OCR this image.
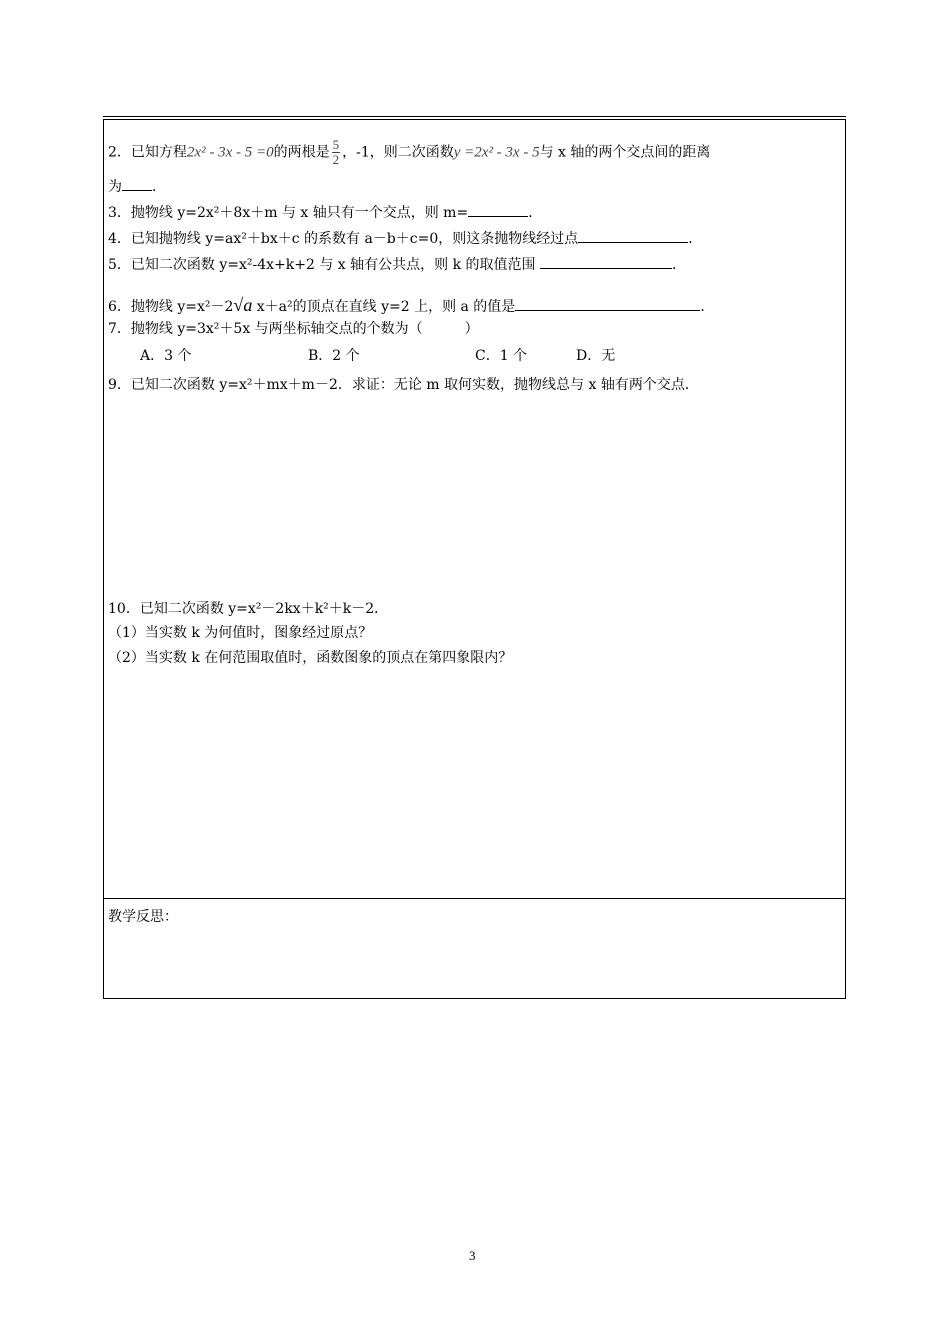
2．已知方程2x² - 3x - 5 =0的两根是 $\frac{5}{2}$ ，-1，则二次函数y =2x² - 3x - 5与 x 轴的两个交点间的距离
为 ．
3．抛物线 y=2x²＋8x＋m 与 x 轴只有一个交点，则 m=	．
4．已知抛物线 y=ax²＋bx＋c 的系数有 a－b＋c=0，则这条抛物线经过点	．
5．已知二次函数 y=x²-4x+k+2 与 x 轴有公共点，则 k 的取值范围	．
6．抛物线 y=x²－2√a x＋a²的顶点在直线 y=2 上，则 a 的值是	．
7．抛物线 y=3x²＋5x 与两坐标轴交点的个数为（　　　）
A．3 个	B．2 个	C．1 个	D．无
9．已知二次函数 y=x²＋mx＋m－2．求证：无论 m 取何实数，抛物线总与 x 轴有两个交点．
10．已知二次函数 y=x²－2kx＋k²＋k－2．
（1）当实数 k 为何值时，图象经过原点？
（2）当实数 k 在何范围取值时，函数图象的顶点在第四象限内？
教学反思：
3
